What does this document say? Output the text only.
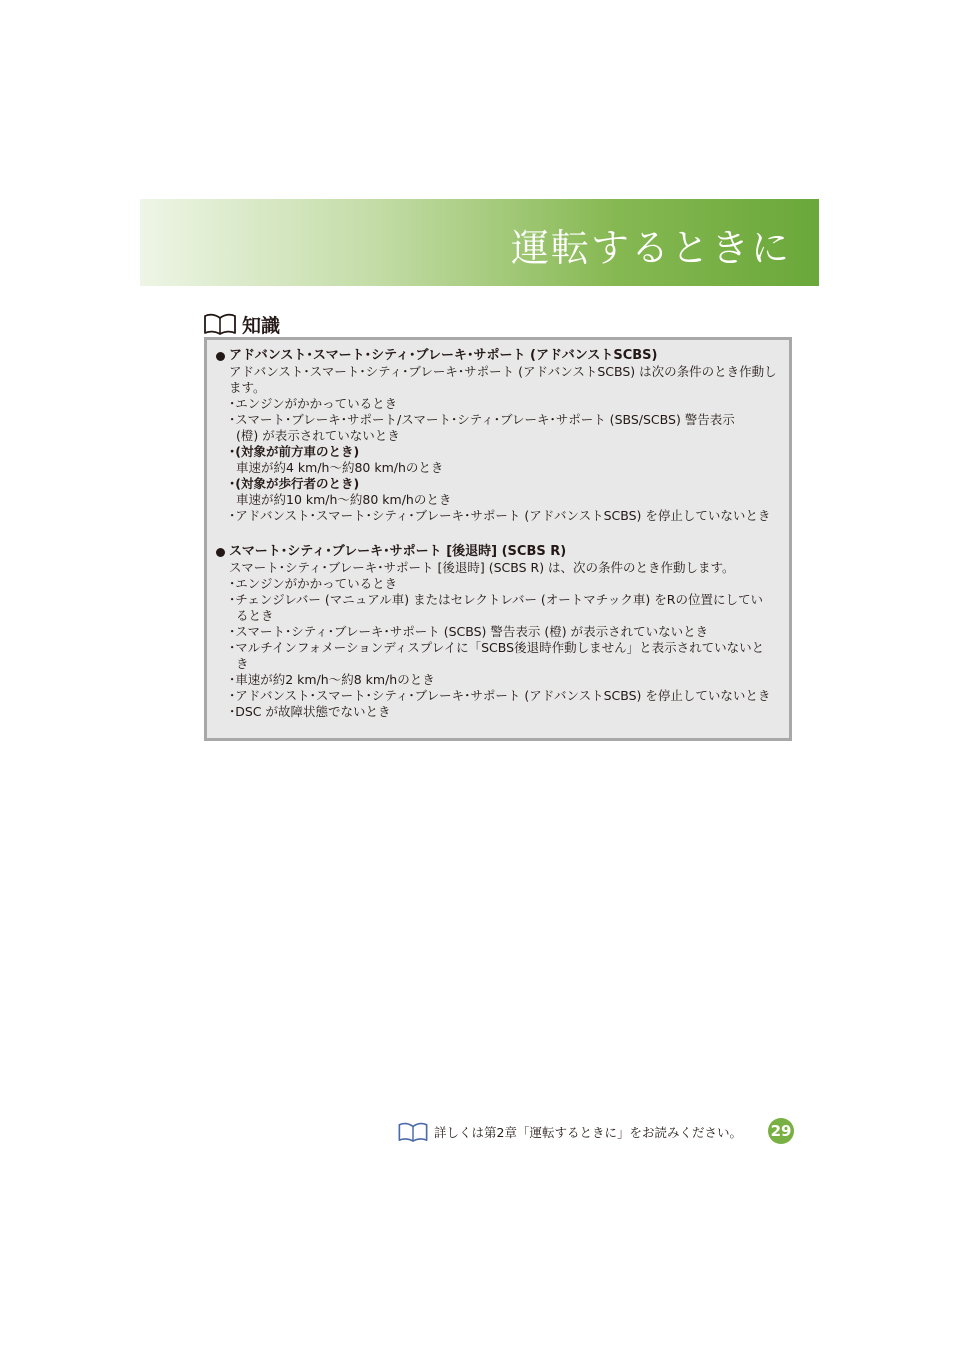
運転するときに
知識
アドバンスト･スマート･シティ･ブレーキ･サポート (アドバンストSCBS)
アドバンスト･スマート･シティ･ブレーキ･サポート (アドバンストSCBS) は次の条件のとき作動します。
･エンジンがかかっているとき
･スマート･ブレーキ･サポート/スマート･シティ･ブレーキ･サポート (SBS/SCBS) 警告表示
(橙) が表示されていないとき
･(対象が前方車のとき)
車速が約4 km/h～約80 km/hのとき
･(対象が歩行者のとき)
車速が約10 km/h～約80 km/hのとき
･アドバンスト･スマート･シティ･ブレーキ･サポート (アドバンストSCBS) を停止していないとき
スマート･シティ･ブレーキ･サポート [後退時] (SCBS R)
スマート･シティ･ブレーキ･サポート [後退時] (SCBS R) は、次の条件のとき作動します。
･エンジンがかかっているとき
･チェンジレバー (マニュアル車) またはセレクトレバー (オートマチック車) をRの位置にしてい
るとき
･スマート･シティ･ブレーキ･サポート (SCBS) 警告表示 (橙) が表示されていないとき
･マルチインフォメーションディスプレイに「SCBS後退時作動しません」と表示されていないと
き
･車速が約2 km/h～約8 km/hのとき
･アドバンスト･スマート･シティ･ブレーキ･サポート (アドバンストSCBS) を停止していないとき
･DSC が故障状態でないとき
詳しくは第2章「運転するときに」をお読みください。 29
